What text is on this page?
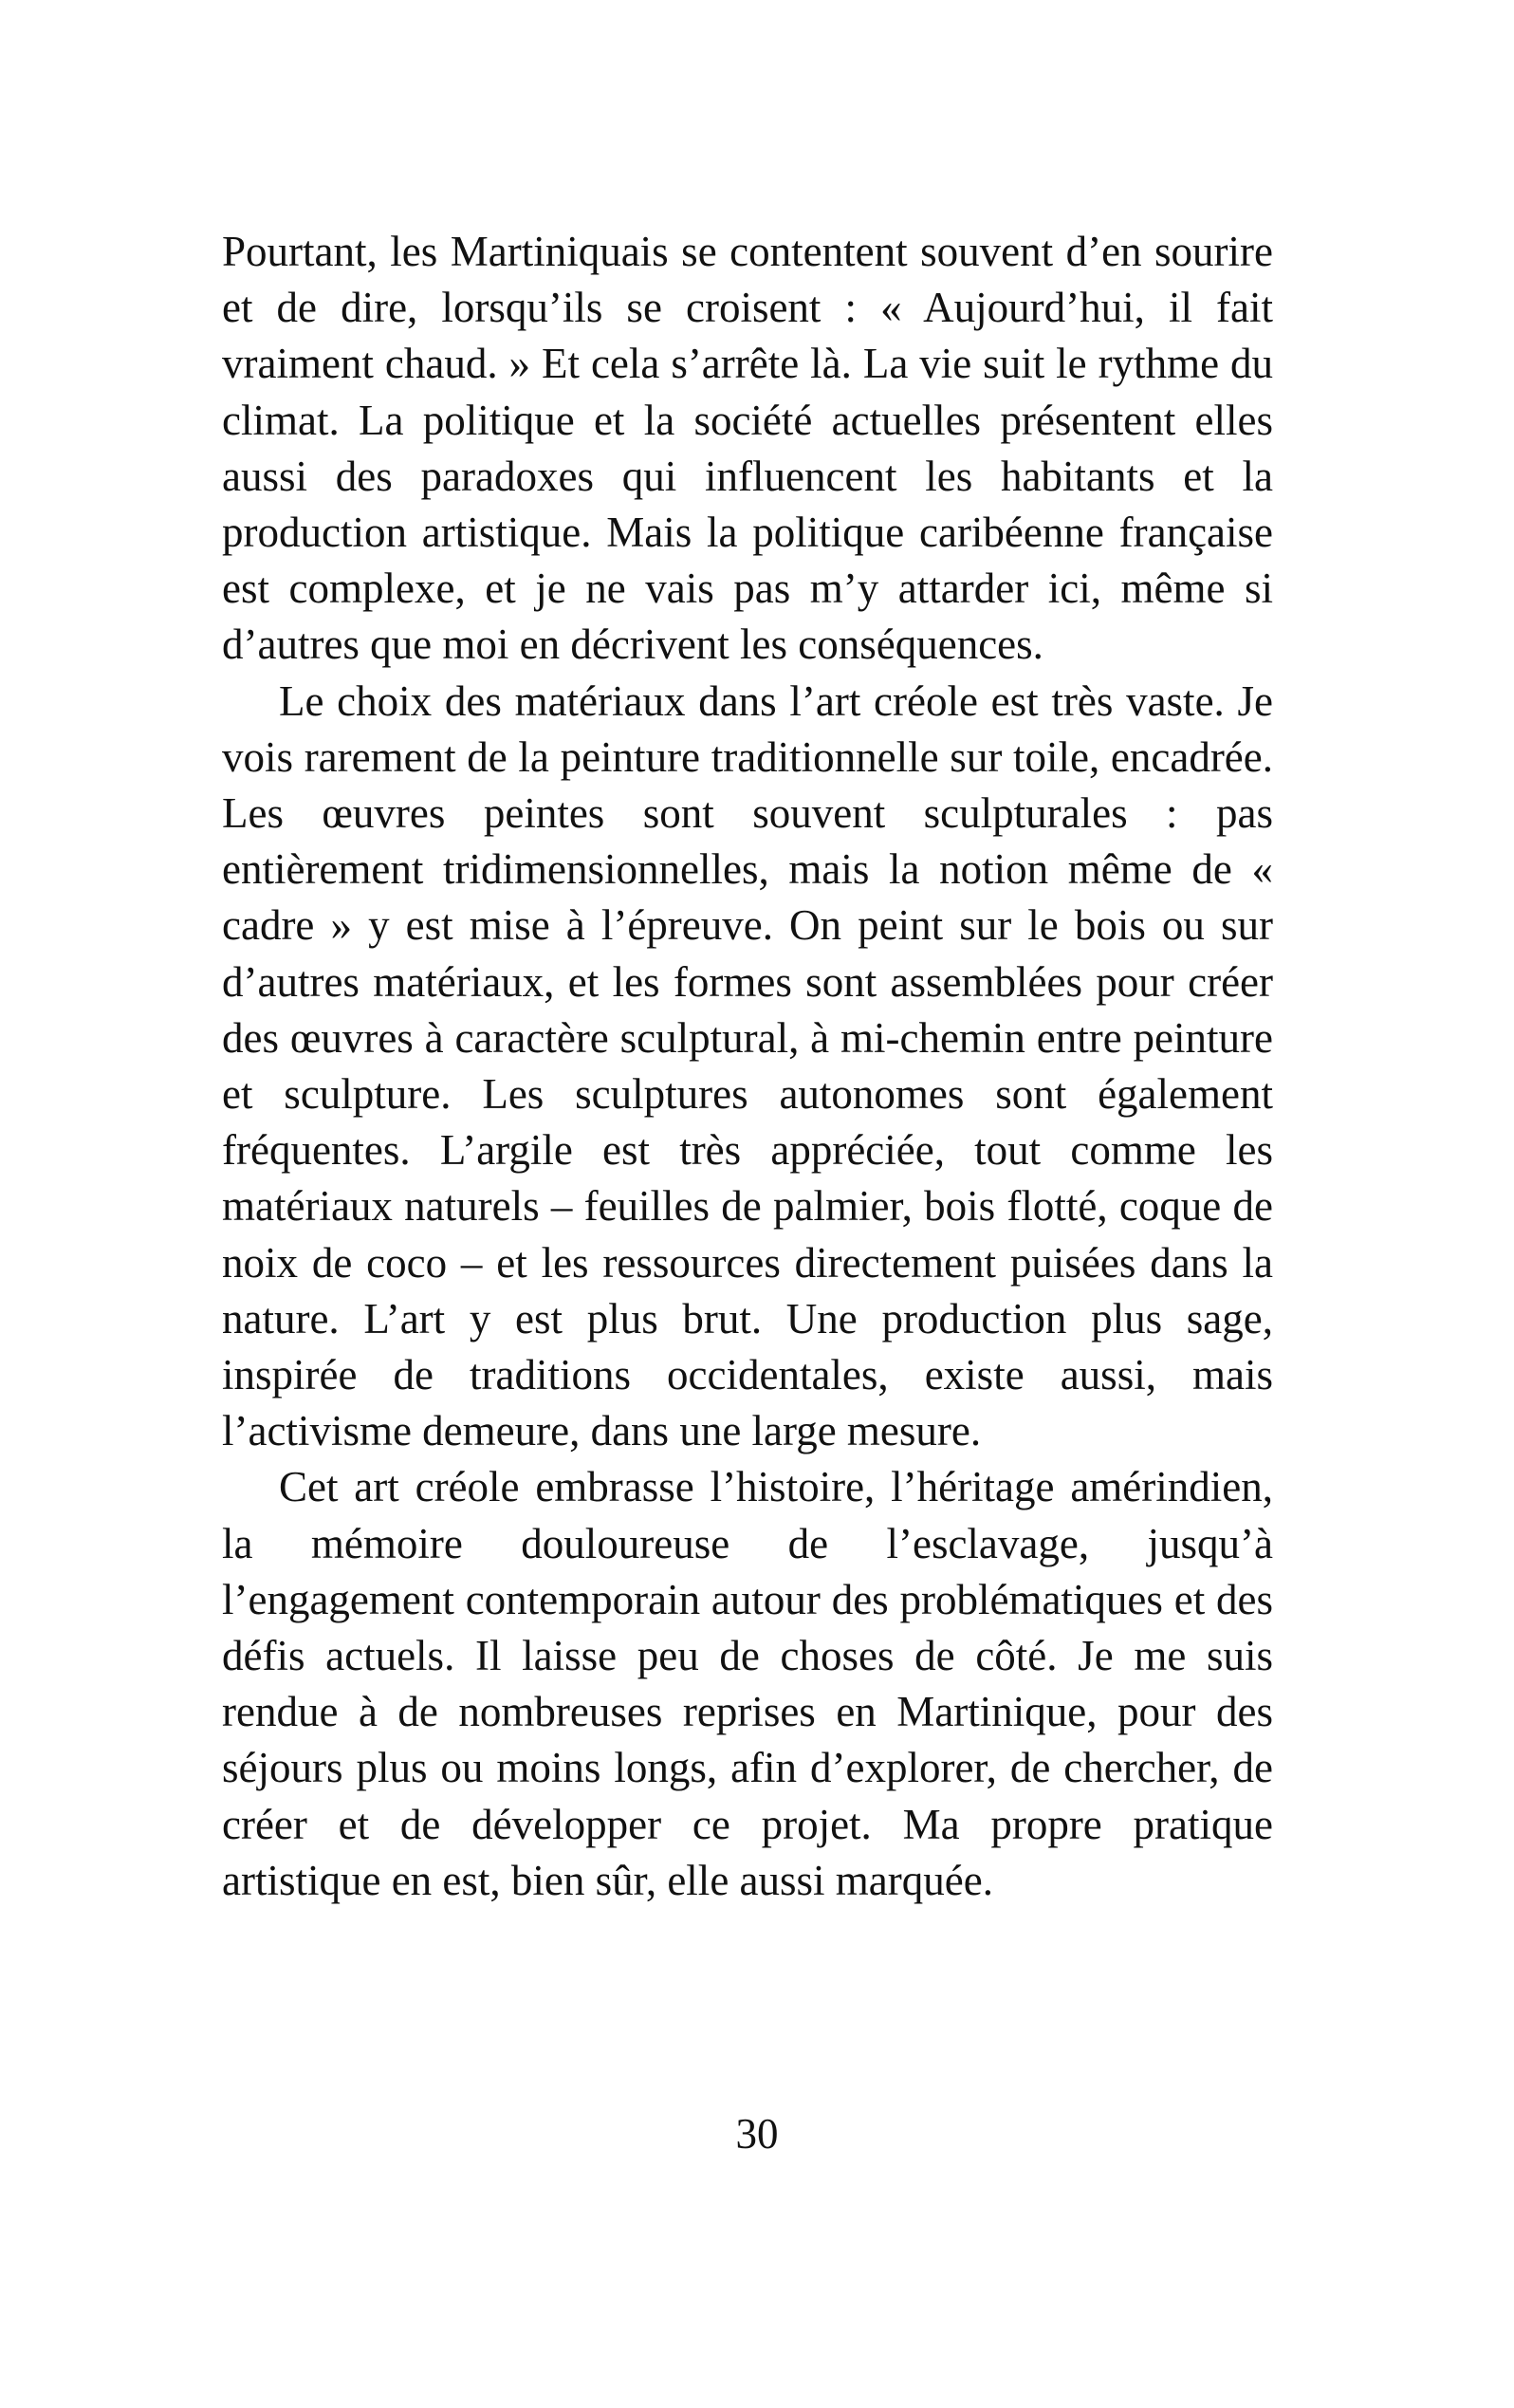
Pourtant, les Martiniquais se contentent souvent d’en sourire et de dire, lorsqu’ils se croisent : « Aujourd’hui, il fait vraiment chaud. » Et cela s’arrête là. La vie suit le rythme du climat. La politique et la société actuelles présentent elles aussi des paradoxes qui influencent les habitants et la production artistique. Mais la politique caribéenne française est complexe, et je ne vais pas m’y attarder ici, même si d’autres que moi en décrivent les conséquences.

Le choix des matériaux dans l’art créole est très vaste. Je vois rarement de la peinture traditionnelle sur toile, encadrée. Les œuvres peintes sont souvent sculpturales : pas entièrement tridimensionnelles, mais la notion même de « cadre » y est mise à l’épreuve. On peint sur le bois ou sur d’autres matériaux, et les formes sont assemblées pour créer des œuvres à caractère sculptural, à mi-chemin entre peinture et sculpture. Les sculptures autonomes sont également fréquentes. L’argile est très appréciée, tout comme les matériaux naturels – feuilles de palmier, bois flotté, coque de noix de coco – et les ressources directement puisées dans la nature. L’art y est plus brut. Une production plus sage, inspirée de traditions occidentales, existe aussi, mais l’activisme demeure, dans une large mesure.

Cet art créole embrasse l’histoire, l’héritage amérindien, la mémoire douloureuse de l’esclavage, jusqu’à l’engagement contemporain autour des problématiques et des défis actuels. Il laisse peu de choses de côté. Je me suis rendue à de nombreuses reprises en Martinique, pour des séjours plus ou moins longs, afin d’explorer, de chercher, de créer et de développer ce projet. Ma propre pratique artistique en est, bien sûr, elle aussi marquée.

30
